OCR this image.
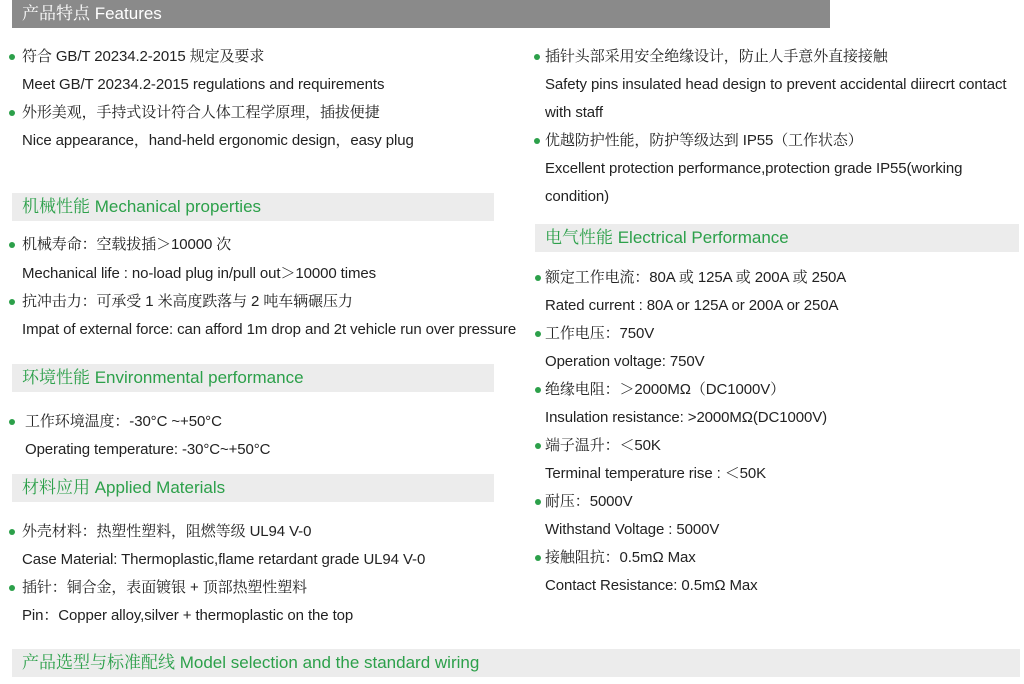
产品特点 Features
符合 GB/T 20234.2-2015 规定及要求
Meet GB/T 20234.2-2015 regulations and requirements
外形美观，手持式设计符合人体工程学原理，插拔便捷
Nice appearance，hand-held ergonomic design，easy plug
插针头部采用安全绝缘设计，防止人手意外直接接触
Safety pins insulated head design to prevent accidental diirecrt contact
with staff
优越防护性能，防护等级达到 IP55（工作状态）
Excellent protection performance,protection grade IP55(working
condition)
机械性能 Mechanical properties
机械寿命：空载拔插＞10000 次
Mechanical life : no-load plug in/pull out＞10000 times
抗冲击力：可承受 1 米高度跌落与 2 吨车辆碾压力
Impat of external force: can afford 1m drop and 2t vehicle run over pressure
环境性能 Environmental performance
工作环境温度：-30°C ~+50°C
Operating temperature: -30°C~+50°C
材料应用 Applied Materials
外壳材料：热塑性塑料，阻燃等级 UL94 V-0
Case Material: Thermoplastic,flame retardant grade UL94 V-0
插针：铜合金，表面镀银 + 顶部热塑性塑料
Pin：Copper alloy,silver + thermoplastic on the top
电气性能 Electrical Performance
额定工作电流：80A 或 125A 或 200A 或 250A
Rated current : 80A or 125A or 200A or 250A
工作电压：750V
Operation voltage: 750V
绝缘电阻：＞2000MΩ（DC1000V）
Insulation resistance: >2000MΩ(DC1000V)
端子温升：＜50K
Terminal temperature rise : ＜50K
耐压：5000V
Withstand Voltage : 5000V
接触阻抗：0.5mΩ Max
Contact Resistance: 0.5mΩ Max
产品选型与标准配线 Model selection and the standard wiring
